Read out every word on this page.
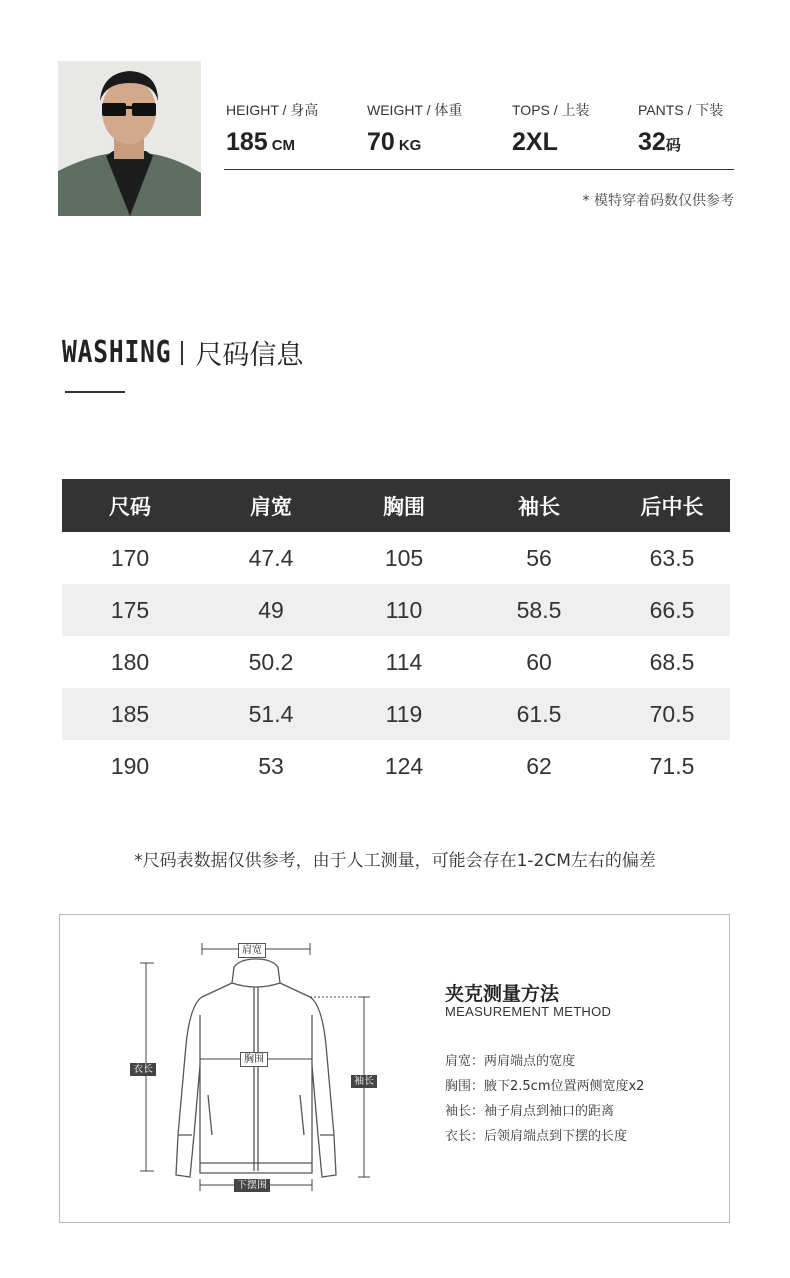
HEIGHT / 身高
185 CM
WEIGHT / 体重
70 KG
TOPS / 上装
2XL
PANTS / 下装
32码
* 模特穿着码数仅供参考
WASHING 尺码信息
尺码	肩宽	胸围	袖长	后中长
170	47.4	105	56	63.5
175	49	110	58.5	66.5
180	50.2	114	60	68.5
185	51.4	119	61.5	70.5
190	53	124	62	71.5
*尺码表数据仅供参考，由于人工测量，可能会存在1-2CM左右的偏差
肩宽
胸围
衣长
袖长
下摆围
夹克测量方法
MEASUREMENT METHOD
肩宽：两肩端点的宽度
胸围：腋下2.5cm位置两侧宽度x2
袖长：袖子肩点到袖口的距离
衣长：后领肩端点到下摆的长度
